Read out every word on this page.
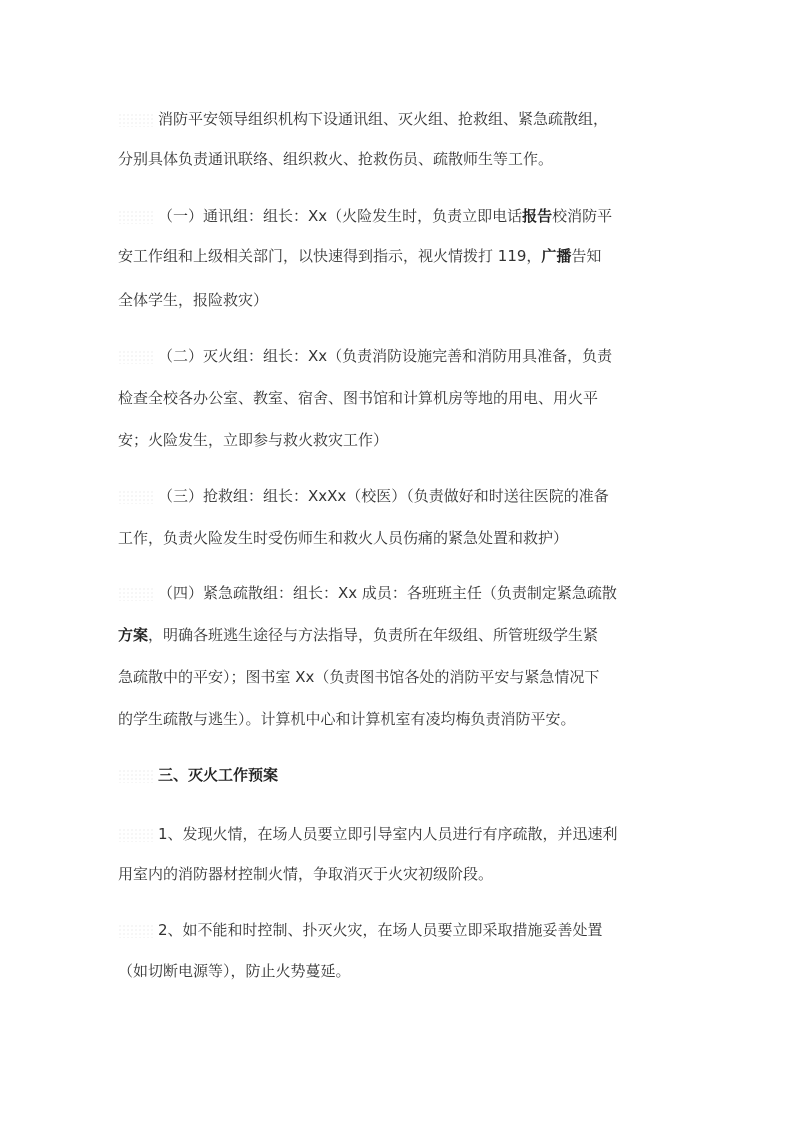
消防平安领导组织机构下设通讯组、灭火组、抢救组、紧急疏散组，
分别具体负责通讯联络、组织救火、抢救伤员、疏散师生等工作。
（一）通讯组：组长：Xx（火险发生时，负责立即电话报告校消防平
安工作组和上级相关部门，以快速得到指示，视火情拨打 119，广播告知
全体学生，报险救灾）
（二）灭火组：组长：Xx（负责消防设施完善和消防用具准备，负责
检查全校各办公室、教室、宿舍、图书馆和计算机房等地的用电、用火平
安；火险发生，立即参与救火救灾工作）
（三）抢救组：组长：XxXx（校医）（负责做好和时送往医院的准备
工作，负责火险发生时受伤师生和救火人员伤痛的紧急处置和救护）
（四）紧急疏散组：组长：Xx 成员：各班班主任（负责制定紧急疏散
方案，明确各班逃生途径与方法指导，负责所在年级组、所管班级学生紧
急疏散中的平安）；图书室 Xx（负责图书馆各处的消防平安与紧急情况下
的学生疏散与逃生）。计算机中心和计算机室有凌均梅负责消防平安。
三、灭火工作预案
1、发现火情，在场人员要立即引导室内人员进行有序疏散，并迅速利
用室内的消防器材控制火情，争取消灭于火灾初级阶段。
2、如不能和时控制、扑灭火灾，在场人员要立即采取措施妥善处置
（如切断电源等），防止火势蔓延。
